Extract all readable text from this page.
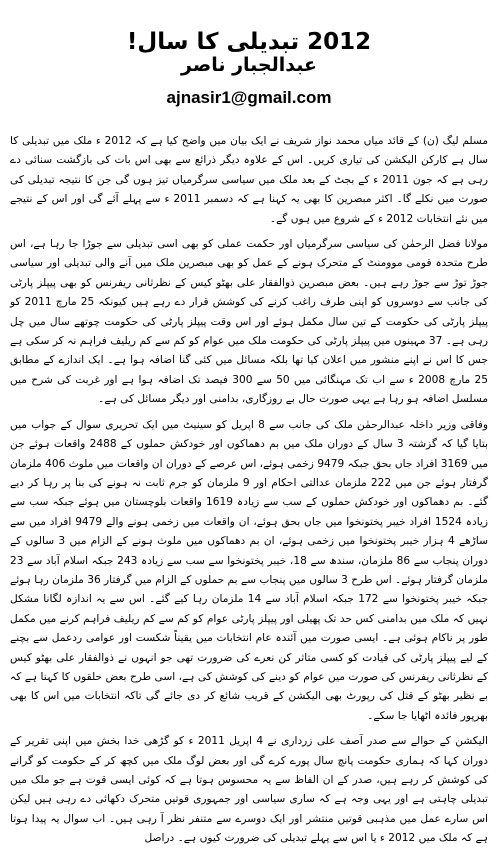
2012 تبدیلی کا سال!
عبدالجبار ناصر
ajnasir1@gmail.com

مسلم لیگ (ن) کے قائد میاں محمد نواز شریف نے ایک بیان میں واضح کیا ہے کہ 2012 ء ملک میں تبدیلی کا سال ہے کارکن الیکشن کی تیاری کریں۔ اس کے علاوہ دیگر ذرائع سے بھی اس بات کی بازگشت سنائی دے رہی ہے کہ جون 2011 ء کے بجٹ کے بعد ملک میں سیاسی سرگرمیاں تیز ہوں گی جن کا نتیجہ تبدیلی کی صورت میں نکلے گا۔ اکثر مبصرین کا بھی یہ کہنا ہے کہ دسمبر 2011 ء سے پہلے آئے گی اور اس کے نتیجے میں نئے انتخابات 2012 ء کے شروع میں ہوں گے۔

مولانا فضل الرحمٰن کی سیاسی سرگرمیاں اور حکمت عملی کو بھی اسی تبدیلی سے جوڑا جا رہا ہے، اس طرح متحدہ قومی موومنٹ کے متحرک ہونے کے عمل کو بھی مبصرین ملک میں آنے والی تبدیلی اور سیاسی جوڑ توڑ سے جوڑ رہے ہیں۔ بعض مبصرین ذوالفقار علی بھٹو کیس کے نظرثانی ریفرنس کو بھی پیپلز پارٹی کی جانب سے دوسروں کو اپنی طرف راغب کرنے کی کوشش قرار دے رہے ہیں کیونکہ 25 مارچ 2011 کو پیپلز پارٹی کی حکومت کے تین سال مکمل ہوئے اور اس وقت پیپلز پارٹی کی حکومت چوتھے سال میں چل رہی ہے۔ 37 مہینوں میں پیپلز پارٹی کی حکومت ملک میں عوام کو کم سے کم ریلیف فراہم نہ کر سکی ہے جس کا اس نے اپنے منشور میں اعلان کیا تھا بلکہ مسائل میں کئی گنا اضافہ ہوا ہے۔ ایک اندازے کے مطابق 25 مارچ 2008 ء سے اب تک مہنگائی میں 50 سے 300 فیصد تک اضافہ ہوا ہے اور غربت کی شرح میں مسلسل اضافہ ہو رہا ہے یہی صورت حال بے روزگاری، بدامنی اور دیگر مسائل کی ہے۔

وفاقی وزیر داخلہ عبدالرحمٰن ملک کی جانب سے 8 اپریل کو سینیٹ میں ایک تحریری سوال کے جواب میں بتایا گیا کہ گزشتہ 3 سال کے دوران ملک میں بم دھماکوں اور خودکش حملوں کے 2488 واقعات ہوئے جن میں 3169 افراد جاں بحق جبکہ 9479 زخمی ہوئے، اس عرصے کے دوران ان واقعات میں ملوث 406 ملزمان گرفتار ہوئے جن میں 222 ملزمان عدالتی احکام اور 9 ملزمان کو جرم ثابت نہ ہونے کی بنا پر رہا کر دیے گئے۔ بم دھماکوں اور خودکش حملوں کے سب سے زیادہ 1619 واقعات بلوچستان میں ہوئے جبکہ سب سے زیادہ 1524 افراد خیبر پختونخوا میں جاں بحق ہوئے، ان واقعات میں زخمی ہونے والے 9479 افراد میں سے ساڑھے 4 ہزار خیبر پختونخوا میں زخمی ہوئے، ان بم دھماکوں میں ملوث ہونے کے الزام میں 3 سالوں کے دوران پنجاب سے 86 ملزمان، سندھ سے 18، خیبر پختونخوا سے سب سے زیادہ 243 جبکہ اسلام آباد سے 23 ملزمان گرفتار ہوئے۔ اس طرح 3 سالوں میں پنجاب سے بم حملوں کے الزام میں گرفتار 36 ملزمان رہا ہوئے جبکہ خیبر پختونخوا سے 172 جبکہ اسلام آباد سے 14 ملزمان رہا کیے گئے۔ اس سے یہ اندازہ لگانا مشکل نہیں کہ ملک میں بدامنی کس حد تک پھیلی اور پیپلز پارٹی عوام کو کم سے کم ریلیف فراہم کرنے میں مکمل طور پر ناکام ہوئی ہے۔ ایسی صورت میں آئندہ عام انتخابات میں یقیناً شکست اور عوامی ردعمل سے بچنے کے لیے پیپلز پارٹی کی قیادت کو کسی متاثر کن نعرے کی ضرورت تھی جو انہوں نے ذوالفقار علی بھٹو کیس کے نظرثانی ریفرنس کی صورت میں عوام کو دینے کی کوشش کی ہے، اسی طرح بعض حلقوں کا کہنا ہے کہ بے نظیر بھٹو کے قتل کی رپورٹ بھی الیکشن کے قریب شائع کر دی جائے گی تاکہ انتخابات میں اس کا بھی بھرپور فائدہ اٹھایا جا سکے۔

الیکشن کے حوالے سے صدر آصف علی زرداری نے 4 اپریل 2011 ء کو گڑھی خدا بخش میں اپنی تقریر کے دوران کہا کہ ہماری حکومت پانچ سال پورے کرے گی اور بعض لوگ ملک میں کچھ کر کے حکومت کو گرانے کی کوشش کر رہے ہیں، صدر کے ان الفاظ سے یہ محسوس ہوتا ہے کہ کوئی ایسی قوت ہے جو ملک میں تبدیلی چاہتی ہے اور یہی وجہ ہے کہ ساری سیاسی اور جمہوری قوتیں متحرک دکھائی دے رہی ہیں لیکن اس سارے عمل میں مذہبی قوتیں منتشر اور ایک دوسرے سے متنفر نظر آ رہی ہیں۔ اب سوال یہ پیدا ہوتا ہے کہ ملک میں 2012 ء یا اس سے پہلے تبدیلی کی ضرورت کیوں ہے۔ دراصل
